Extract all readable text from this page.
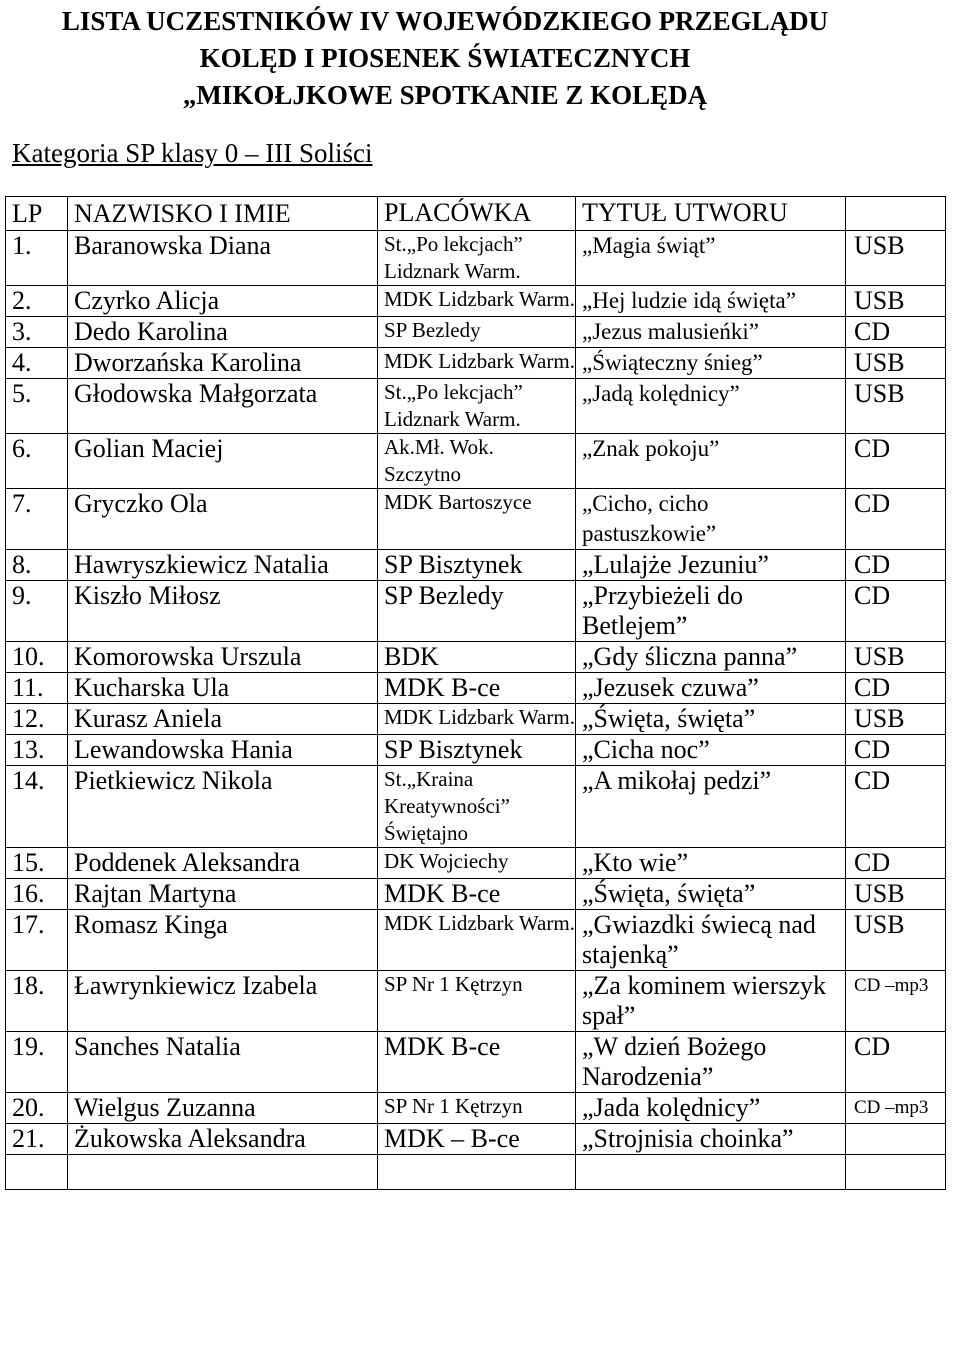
LISTA UCZESTNIKÓW IV WOJEWÓDZKIEGO PRZEGLĄDU
KOLĘD I PIOSENEK ŚWIATECZNYCH
„MIKOŁJKOWE SPOTKANIE Z KOLĘDĄ
Kategoria SP klasy 0 – III Soliści
LP	NAZWISKO I IMIE	PLACÓWKA	TYTUŁ UTWORU	
1.	Baranowska Diana	St.„Po lekcjach” Lidznark Warm.	„Magia świąt”	USB
2.	Czyrko Alicja	MDK Lidzbark Warm.	„Hej ludzie idą święta”	USB
3.	Dedo Karolina	SP Bezledy	„Jezus malusieńki”	CD
4.	Dworzańska Karolina	MDK Lidzbark Warm.	„Świąteczny śnieg”	USB
5.	Głodowska Małgorzata	St.„Po lekcjach” Lidznark Warm.	„Jadą kolędnicy”	USB
6.	Golian Maciej	Ak.Mł. Wok. Szczytno	„Znak pokoju”	CD
7.	Gryczko Ola	MDK Bartoszyce	„Cicho, cicho pastuszkowie”	CD
8.	Hawryszkiewicz Natalia	SP Bisztynek	„Lulajże Jezuniu”	CD
9.	Kiszło Miłosz	SP Bezledy	„Przybieżeli do Betlejem”	CD
10.	Komorowska Urszula	BDK	„Gdy śliczna panna”	USB
11.	Kucharska Ula	MDK B-ce	„Jezusek czuwa”	CD
12.	Kurasz Aniela	MDK Lidzbark Warm.	„Święta, święta”	USB
13.	Lewandowska Hania	SP Bisztynek	„Cicha noc”	CD
14.	Pietkiewicz Nikola	St.„Kraina Kreatywności” Świętajno	„A mikołaj pedzi”	CD
15.	Poddenek Aleksandra	DK Wojciechy	„Kto wie”	CD
16.	Rajtan Martyna	MDK B-ce	„Święta, święta”	USB
17.	Romasz Kinga	MDK Lidzbark Warm.	„Gwiazdki świecą nad stajenką”	USB
18.	Ławrynkiewicz Izabela	SP Nr 1 Kętrzyn	„Za kominem wierszyk spał”	CD –mp3
19.	Sanches Natalia	MDK B-ce	„W dzień Bożego Narodzenia”	CD
20.	Wielgus Zuzanna	SP Nr 1 Kętrzyn	„Jada kolędnicy”	CD –mp3
21.	Żukowska Aleksandra	MDK – B-ce	„Strojnisia choinka”	
